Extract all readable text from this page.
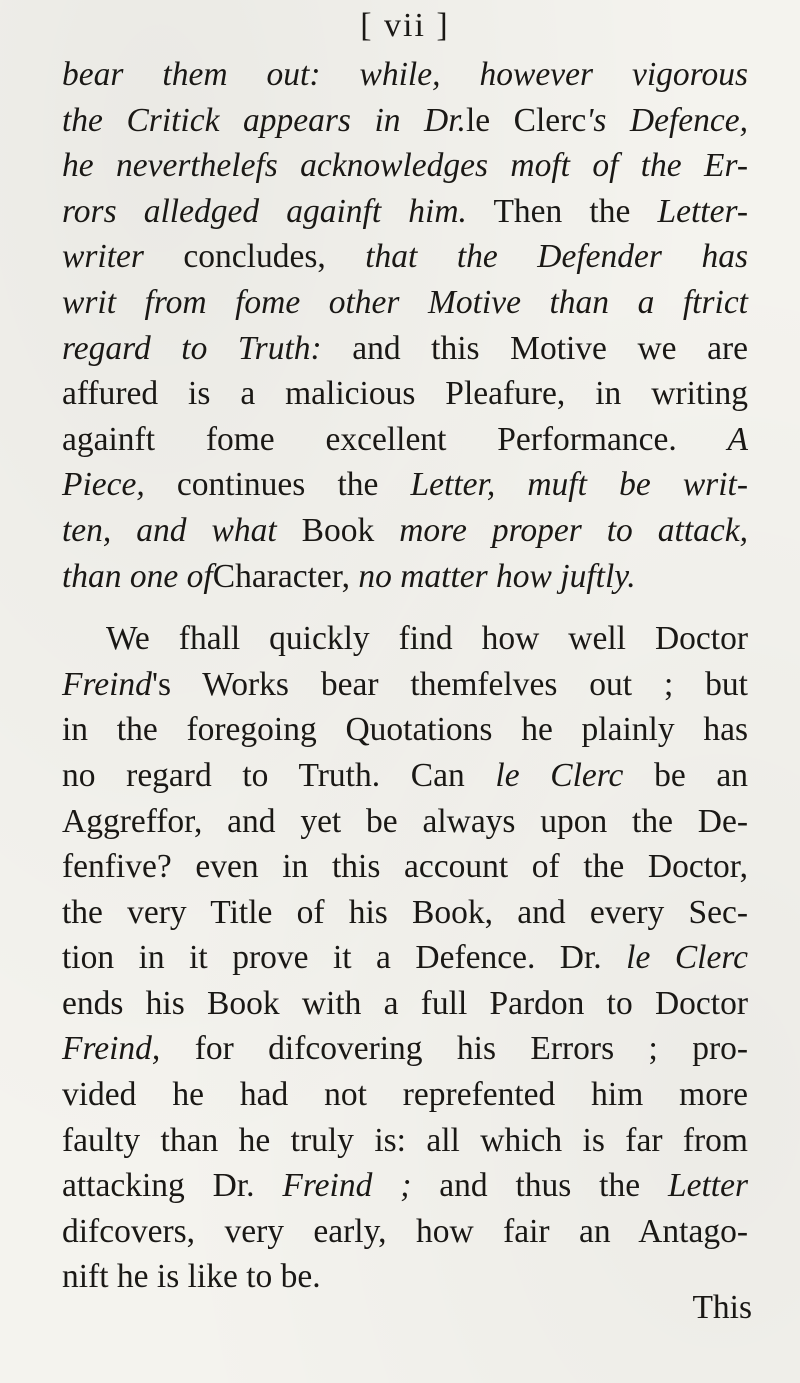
[ vii ]

bear them out: while, however vigorous
the Critick appears in Dr.le Clerc's Defence,
he neverthelefs acknowledges moft of the Er-
rors alledged againft him. Then the Letter-
writer concludes, that the Defender has
writ from fome other Motive than a ftrict
regard to Truth: and this Motive we are
affured is a malicious Pleafure, in writing
againft fome excellent Performance. A
Piece, continues the Letter, muft be writ-
ten, and what Book more proper to attack,
than one ofCharacter, no matter how juftly.

We fhall quickly find how well Doctor
Freind's Works bear themfelves out ; but
in the foregoing Quotations he plainly has
no regard to Truth. Can le Clerc be an
Aggreffor, and yet be always upon the De-
fenfive? even in this account of the Doctor,
the very Title of his Book, and every Sec-
tion in it prove it a Defence. Dr. le Clerc
ends his Book with a full Pardon to Doctor
Freind, for difcovering his Errors ; pro-
vided he had not reprefented him more
faulty than he truly is: all which is far from
attacking Dr. Freind ; and thus the Letter
difcovers, very early, how fair an Antago-
nift he is like to be.

This
